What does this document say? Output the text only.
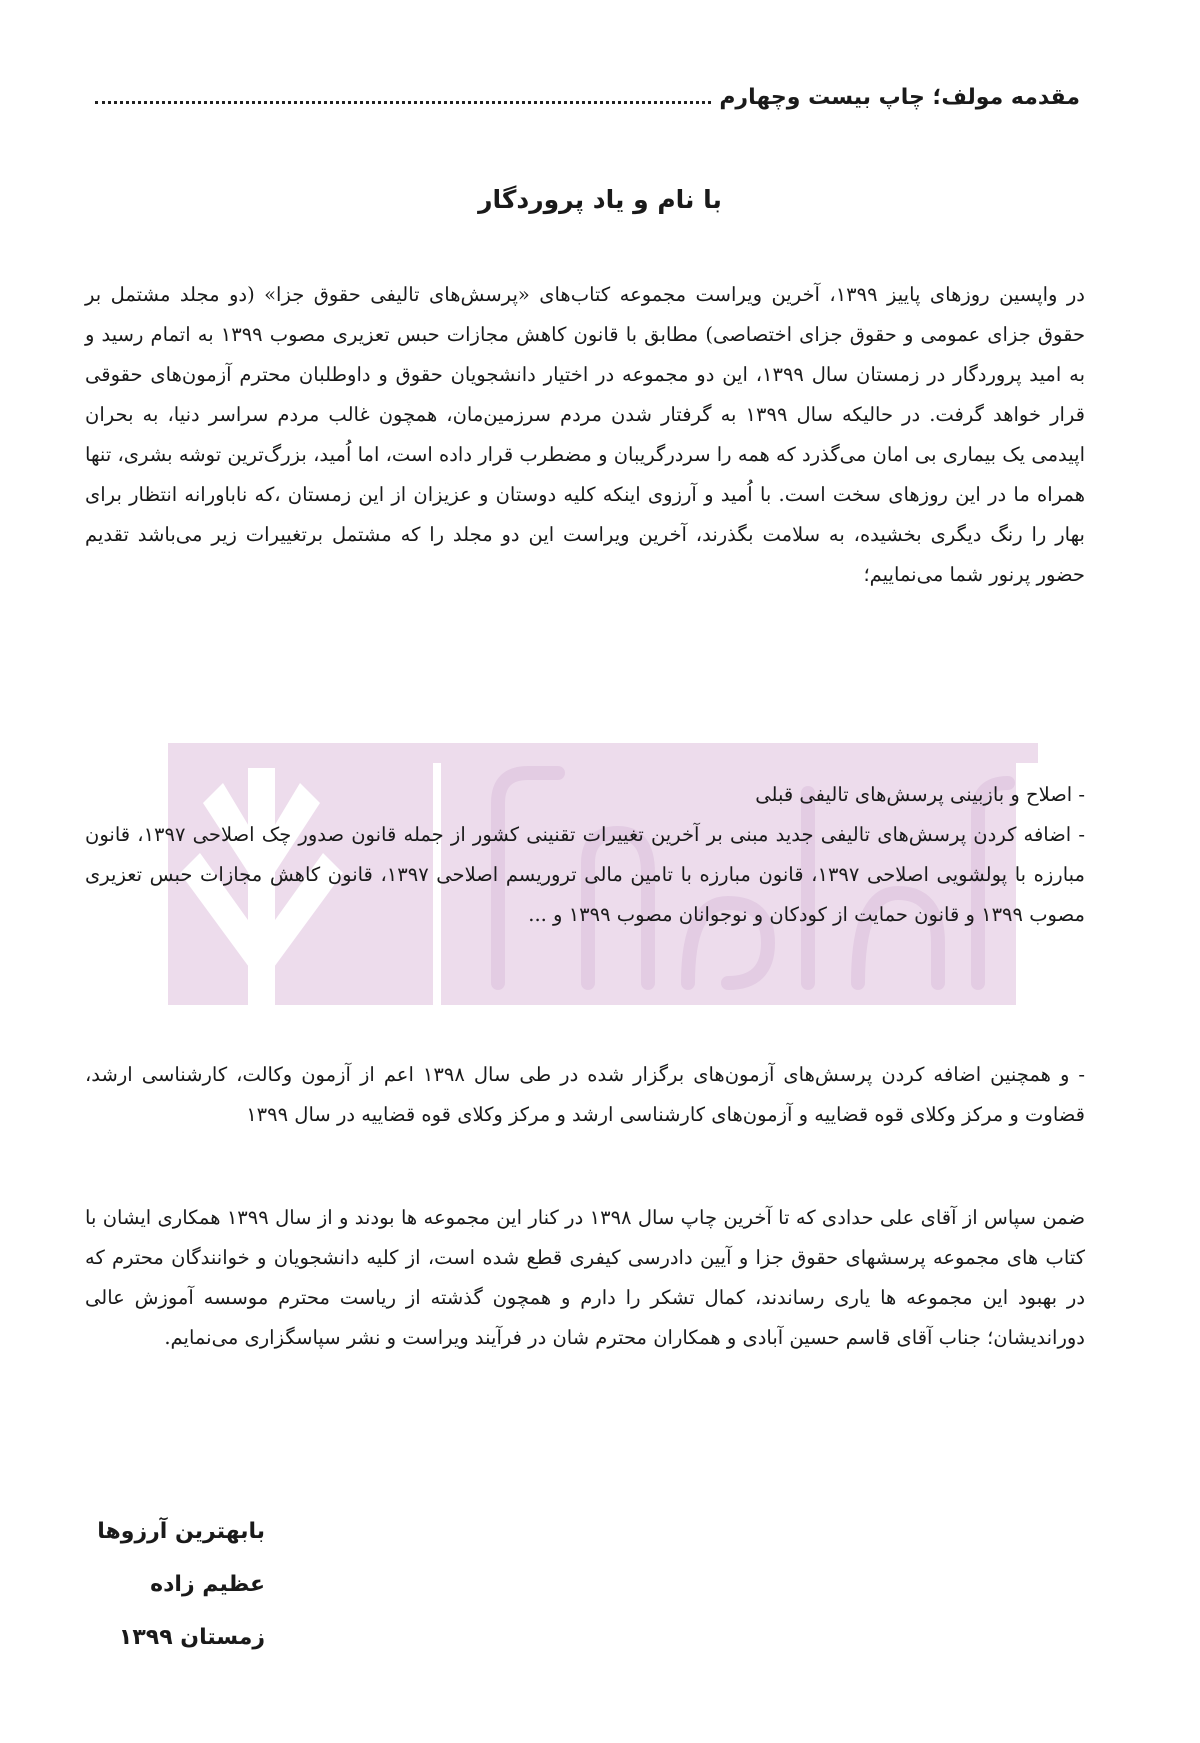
مقدمه مولف؛ چاپ بیست وچهارم
با نام و یاد پروردگار
در واپسین روزهای پاییز ۱۳۹۹، آخرین ویراست مجموعه کتاب‌های «پرسش‌های تالیفی حقوق جزا» (دو مجلد مشتمل بر حقوق جزای عمومی و حقوق جزای اختصاصی) مطابق با قانون کاهش مجازات حبس تعزیری مصوب ۱۳۹۹ به اتمام رسید و به امید پروردگار در زمستان سال ۱۳۹۹، این دو مجموعه در اختیار دانشجویان حقوق و داوطلبان محترم آزمون‌های حقوقی قرار خواهد گرفت. در حالیکه سال ۱۳۹۹ به گرفتار شدن مردم سرزمین‌مان، همچون غالب مردم سراسر دنیا، به بحران اپیدمی یک بیماری بی امان می‌گذرد که همه را سردرگریبان و مضطرب قرار داده است، اما اُمید، بزرگ‌ترین توشه بشری، تنها همراه ما در این روزهای سخت است. با اُمید و آرزوی اینکه کلیه دوستان و عزیزان از این زمستان ،که ناباورانه انتظار برای بهار را رنگ دیگری بخشیده، به سلامت بگذرند، آخرین ویراست این دو مجلد را که مشتمل برتغییرات زیر می‌باشد تقدیم حضور پرنور شما می‌نماییم؛
- اصلاح و بازبینی پرسش‌های تالیفی قبلی
- اضافه کردن پرسش‌های تالیفی جدید مبنی بر آخرین تغییرات تقنینی کشور از جمله قانون صدور چک اصلاحی ۱۳۹۷، قانون مبارزه با پولشویی اصلاحی ۱۳۹۷، قانون مبارزه با تامین مالی تروریسم اصلاحی ۱۳۹۷، قانون کاهش مجازات حبس تعزیری مصوب ۱۳۹۹ و قانون حمایت از کودکان و نوجوانان مصوب ۱۳۹۹ و ...
- و همچنین اضافه کردن پرسش‌های آزمون‌های برگزار شده در طی سال ۱۳۹۸ اعم از آزمون وکالت، کارشناسی ارشد، قضاوت و مرکز وکلای قوه قضاییه و آزمون‌های کارشناسی ارشد و مرکز وکلای قوه قضاییه در سال ۱۳۹۹
ضمن سپاس از آقای علی حدادی که تا آخرین چاپ سال ۱۳۹۸ در کنار این مجموعه ها بودند و از سال ۱۳۹۹ همکاری ایشان با کتاب های مجموعه پرسشهای حقوق جزا و آیین دادرسی کیفری قطع شده است، از کلیه دانشجویان و خوانندگان محترم که در بهبود این مجموعه ها یاری رساندند، کمال تشکر را دارم و همچون گذشته از ریاست محترم موسسه آموزش عالی دوراندیشان؛ جناب آقای قاسم حسین آبادی و همکاران محترم شان در فرآیند ویراست و نشر سپاسگزاری می‌نمایم.
بابهترین آرزوها
عظیم زاده
زمستان ۱۳۹۹
